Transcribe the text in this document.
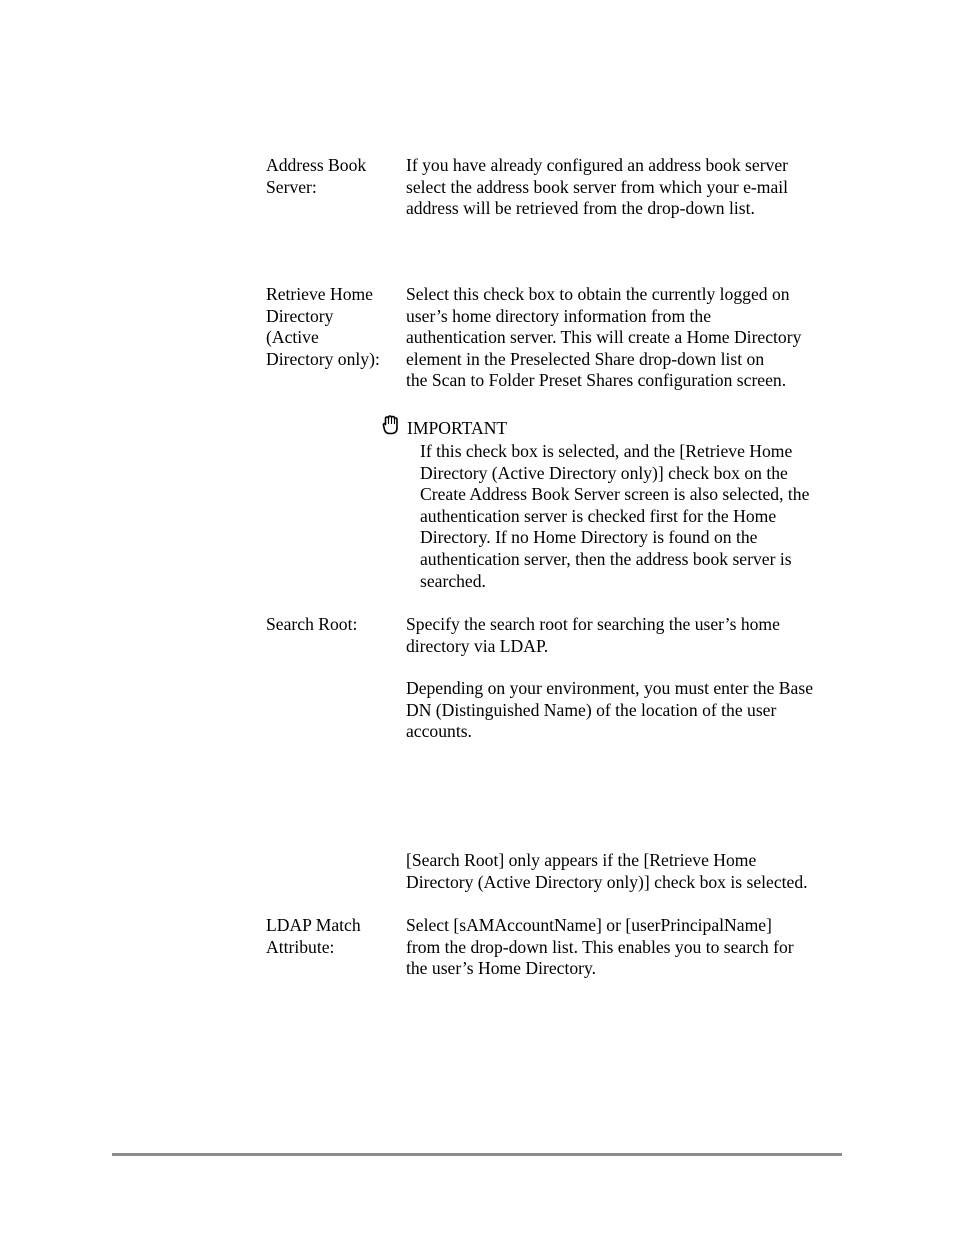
Address Book
Server:
If you have already configured an address book server
select the address book server from which your e-mail
address will be retrieved from the drop-down list.
Retrieve Home
Directory
(Active
Directory only):
Select this check box to obtain the currently logged on
user’s home directory information from the
authentication server. This will create a Home Directory
element in the Preselected Share drop-down list on
the Scan to Folder Preset Shares configuration screen.
IMPORTANT
If this check box is selected, and the [Retrieve Home
Directory (Active Directory only)] check box on the
Create Address Book Server screen is also selected, the
authentication server is checked first for the Home
Directory. If no Home Directory is found on the
authentication server, then the address book server is
searched.
Search Root:	Specify the search root for searching the user’s home
directory via LDAP.
Depending on your environment, you must enter the Base
DN (Distinguished Name) of the location of the user
accounts.
[Search Root] only appears if the [Retrieve Home
Directory (Active Directory only)] check box is selected.
LDAP Match
Attribute:
Select [sAMAccountName] or [userPrincipalName]
from the drop-down list. This enables you to search for
the user’s Home Directory.
